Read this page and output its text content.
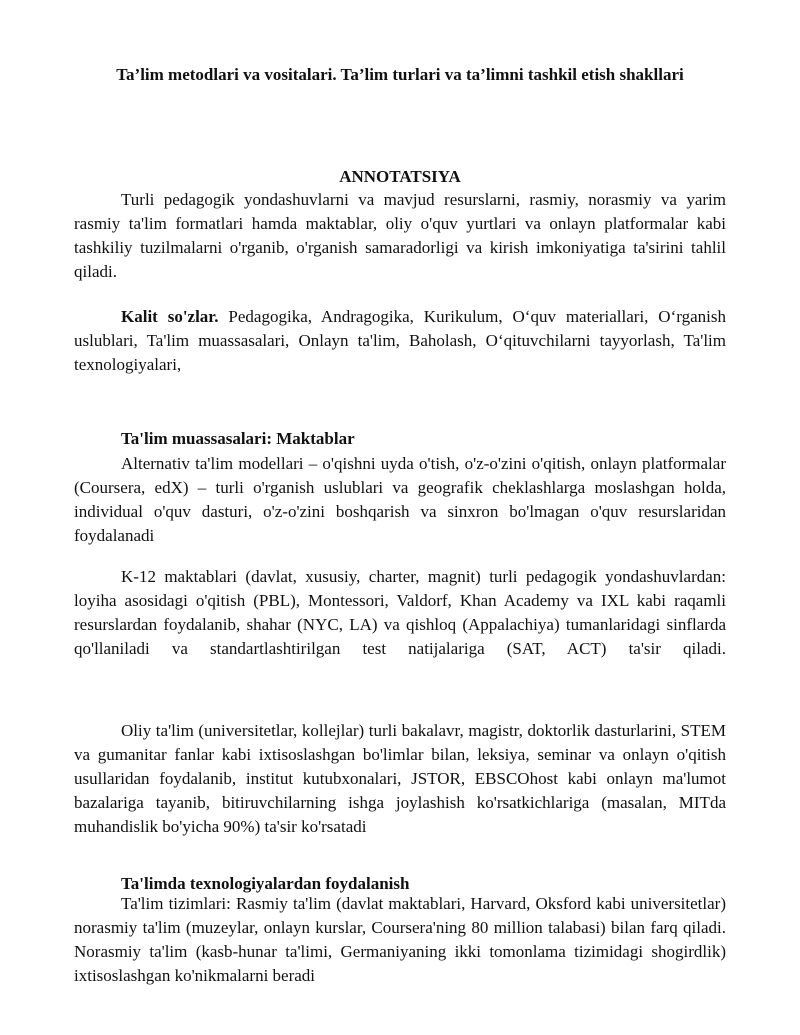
Ta’lim metodlari va vositalari. Ta’lim turlari va ta’limni tashkil etish shakllari
ANNOTATSIYA

Turli pedagogik yondashuvlarni va mavjud resurslarni, rasmiy, norasmiy va yarim rasmiy ta'lim formatlari hamda maktablar, oliy o'quv yurtlari va onlayn platformalar kabi tashkiliy tuzilmalarni o'rganib, o'rganish samaradorligi va kirish imkoniyatiga ta'sirini tahlil qiladi.

Kalit so'zlar. Pedagogika, Andragogika, Kurikulum, O‘quv materiallari, O‘rganish uslublari, Ta'lim muassasalari, Onlayn ta'lim, Baholash, O‘qituvchilarni tayyorlash, Ta'lim texnologiyalari,

Ta'lim muassasalari: Maktablar

Alternativ ta'lim modellari – o'qishni uyda o'tish, o'z-o'zini o'qitish, onlayn platformalar (Coursera, edX) – turli o'rganish uslublari va geografik cheklashlarga moslashgan holda, individual o'quv dasturi, o'z-o'zini boshqarish va sinxron bo'lmagan o'quv resurslaridan foydalanadi

K-12 maktablari (davlat, xususiy, charter, magnit) turli pedagogik yondashuvlardan: loyiha asosidagi o'qitish (PBL), Montessori, Valdorf, Khan Academy va IXL kabi raqamli resurslardan foydalanib, shahar (NYC, LA) va qishloq (Appalachiya) tumanlaridagi sinflarda qo'llaniladi va standartlashtirilgan test natijalariga (SAT, ACT) ta'sir qiladi.

Oliy ta'lim (universitetlar, kollejlar) turli bakalavr, magistr, doktorlik dasturlarini, STEM va gumanitar fanlar kabi ixtisoslashgan bo'limlar bilan, leksiya, seminar va onlayn o'qitish usullaridan foydalanib, institut kutubxonalari, JSTOR, EBSCOhost kabi onlayn ma'lumot bazalariga tayanib, bitiruvchilarning ishga joylashish ko'rsatkichlariga (masalan, MITda muhandislik bo'yicha 90%) ta'sir ko'rsatadi

Ta'limda texnologiyalardan foydalanish

Ta'lim tizimlari: Rasmiy ta'lim (davlat maktablari, Harvard, Oksford kabi universitetlar) norasmiy ta'lim (muzeylar, onlayn kurslar, Coursera'ning 80 million talabasi) bilan farq qiladi. Norasmiy ta'lim (kasb-hunar ta'limi, Germaniyaning ikki tomonlama tizimidagi shogirdlik) ixtisoslashgan ko'nikmalarni beradi
